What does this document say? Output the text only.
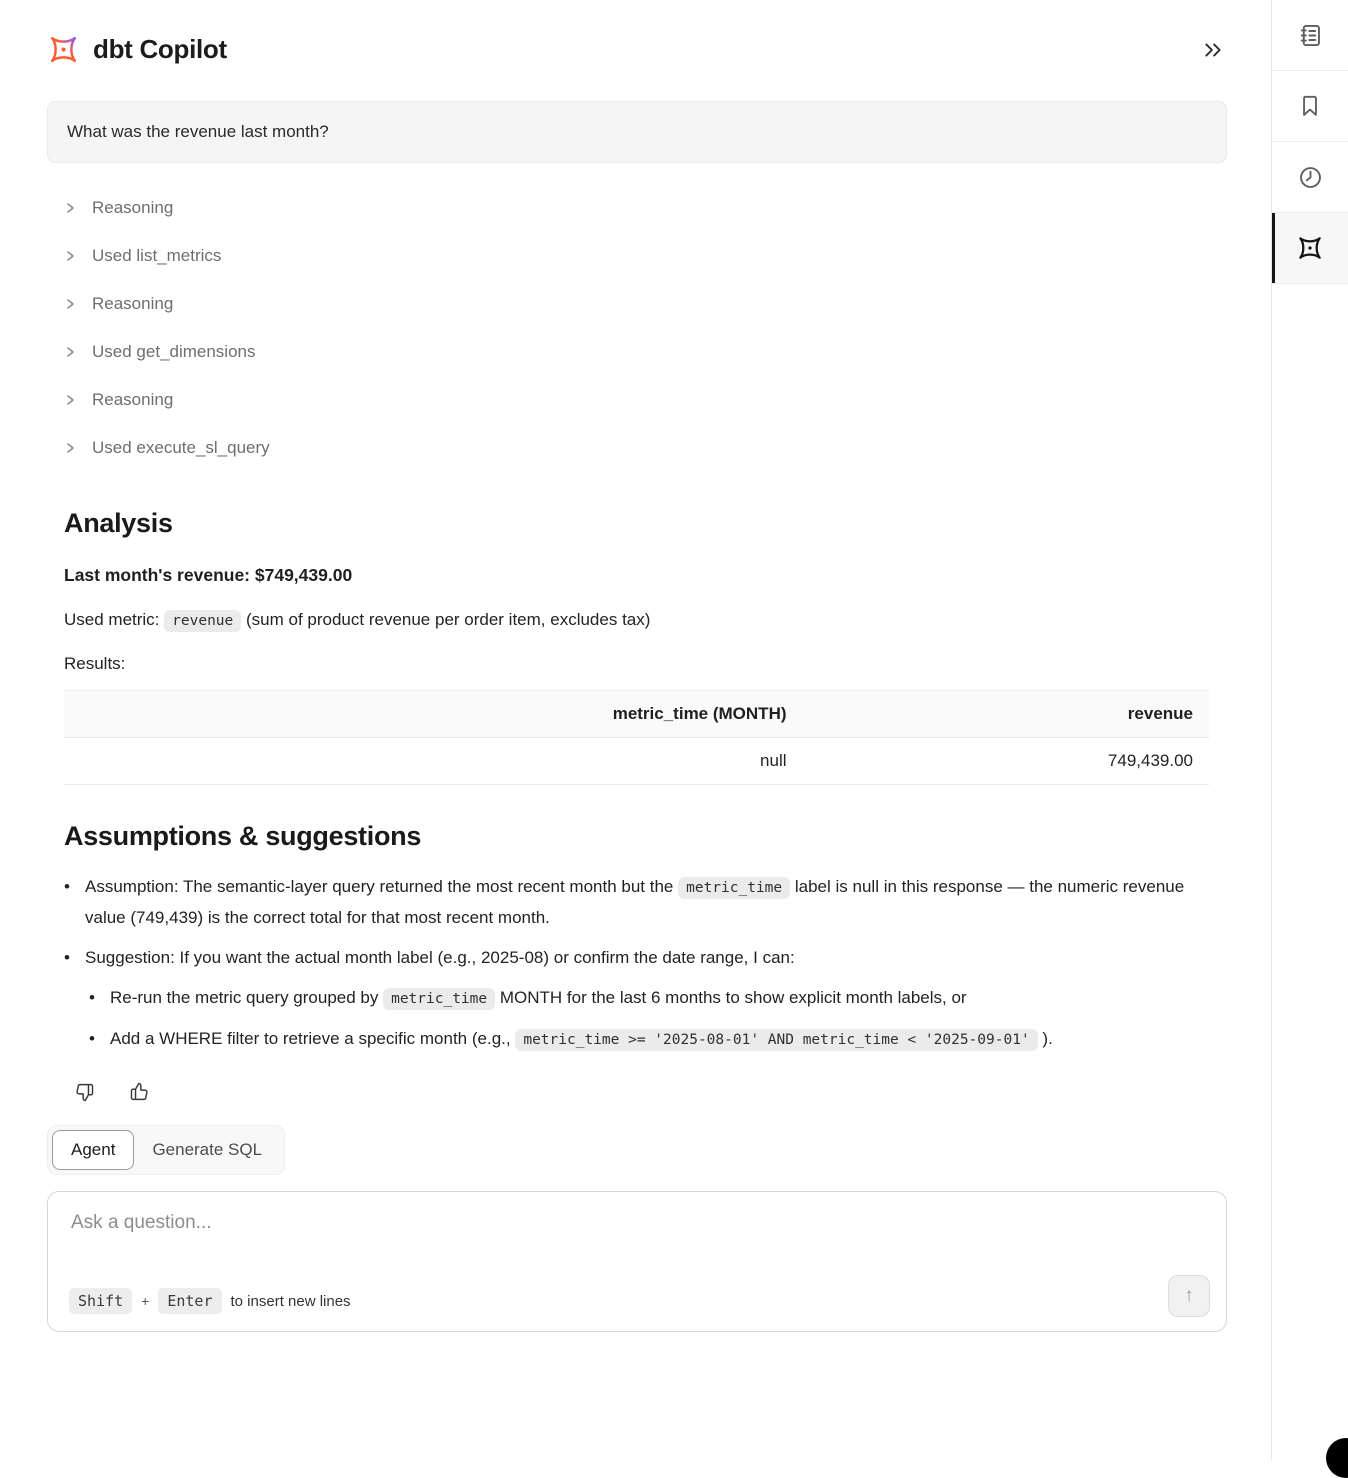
dbt Copilot
What was the revenue last month?
Reasoning
Used list_metrics
Reasoning
Used get_dimensions
Reasoning
Used execute_sl_query
Analysis
Last month's revenue: $749,439.00
Used metric: revenue (sum of product revenue per order item, excludes tax)
Results:
metric_time (MONTH)	revenue
null	749,439.00
Assumptions & suggestions
• Assumption: The semantic-layer query returned the most recent month but the metric_time label is null in this response — the numeric revenue value (749,439) is the correct total for that most recent month.
• Suggestion: If you want the actual month label (e.g., 2025-08) or confirm the date range, I can:
• Re-run the metric query grouped by metric_time MONTH for the last 6 months to show explicit month labels, or
• Add a WHERE filter to retrieve a specific month (e.g., metric_time >= '2025-08-01' AND metric_time < '2025-09-01' ).
Agent	Generate SQL
Ask a question...
Shift	+	Enter	to insert new lines	↑
